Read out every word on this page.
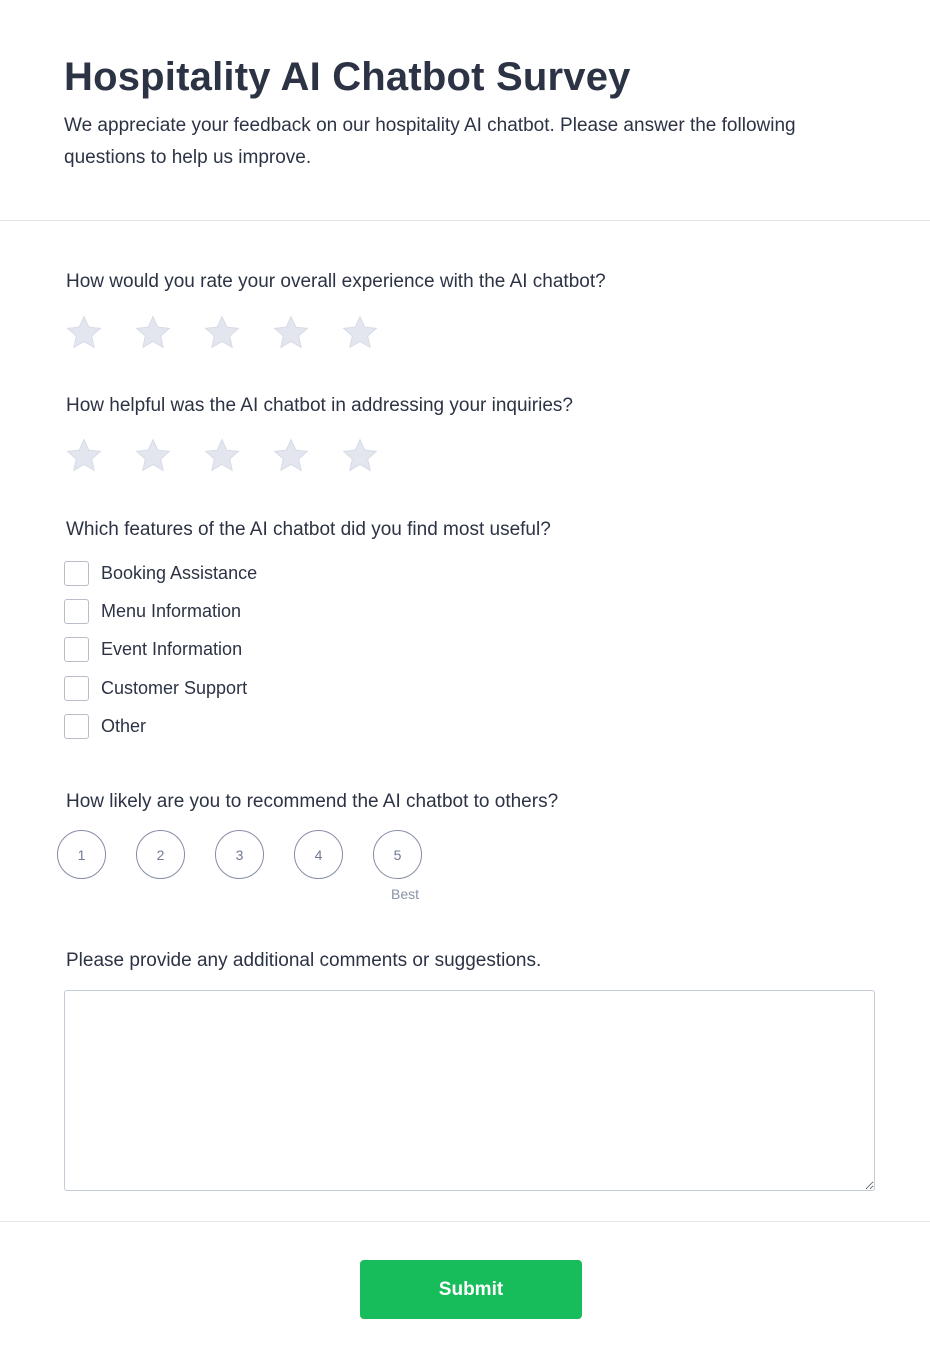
Hospitality AI Chatbot Survey

We appreciate your feedback on our hospitality AI chatbot. Please answer the following questions to help us improve.

How would you rate your overall experience with the AI chatbot?
How helpful was the AI chatbot in addressing your inquiries?
Which features of the AI chatbot did you find most useful?
Booking Assistance
Menu Information
Event Information
Customer Support
Other
How likely are you to recommend the AI chatbot to others?
1	2	3	4	5
Best
Please provide any additional comments or suggestions.
Submit
